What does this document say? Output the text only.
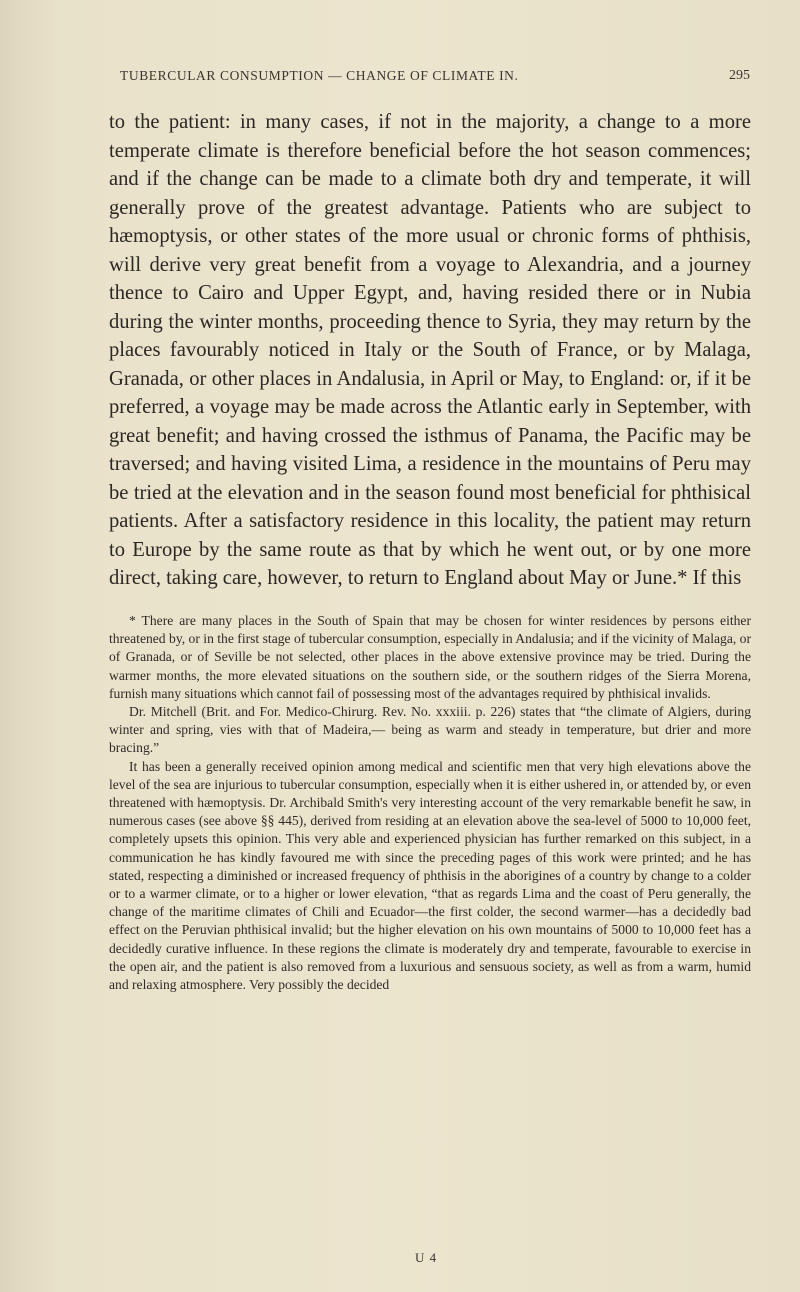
TUBERCULAR CONSUMPTION — CHANGE OF CLIMATE IN.	295

to the patient: in many cases, if not in the majority, a change to a more temperate climate is therefore beneficial before the hot season commences; and if the change can be made to a climate both dry and temperate, it will generally prove of the greatest advantage. Patients who are subject to hæmoptysis, or other states of the more usual or chronic forms of phthisis, will derive very great benefit from a voyage to Alexandria, and a journey thence to Cairo and Upper Egypt, and, having resided there or in Nubia during the winter months, proceeding thence to Syria, they may return by the places favourably noticed in Italy or the South of France, or by Malaga, Granada, or other places in Andalusia, in April or May, to England: or, if it be preferred, a voyage may be made across the Atlantic early in September, with great benefit; and having crossed the isthmus of Panama, the Pacific may be traversed; and having visited Lima, a residence in the mountains of Peru may be tried at the elevation and in the season found most beneficial for phthisical patients. After a satisfactory residence in this locality, the patient may return to Europe by the same route as that by which he went out, or by one more direct, taking care, however, to return to England about May or June.* If this

* There are many places in the South of Spain that may be chosen for winter residences by persons either threatened by, or in the first stage of tubercular consumption, especially in Andalusia; and if the vicinity of Malaga, or of Granada, or of Seville be not selected, other places in the above extensive province may be tried. During the warmer months, the more elevated situations on the southern side, or the southern ridges of the Sierra Morena, furnish many situations which cannot fail of possessing most of the advantages required by phthisical invalids.

Dr. Mitchell (Brit. and For. Medico-Chirurg. Rev. No. xxxiii. p. 226) states that “the climate of Algiers, during winter and spring, vies with that of Madeira,— being as warm and steady in temperature, but drier and more bracing.”

It has been a generally received opinion among medical and scientific men that very high elevations above the level of the sea are injurious to tubercular consumption, especially when it is either ushered in, or attended by, or even threatened with hæmoptysis. Dr. Archibald Smith's very interesting account of the very remarkable benefit he saw, in numerous cases (see above §§ 445), derived from residing at an elevation above the sea-level of 5000 to 10,000 feet, completely upsets this opinion. This very able and experienced physician has further remarked on this subject, in a communication he has kindly favoured me with since the preceding pages of this work were printed; and he has stated, respecting a diminished or increased frequency of phthisis in the aborigines of a country by change to a colder or to a warmer climate, or to a higher or lower elevation, “that as regards Lima and the coast of Peru generally, the change of the maritime climates of Chili and Ecuador—the first colder, the second warmer—has a decidedly bad effect on the Peruvian phthisical invalid; but the higher elevation on his own mountains of 5000 to 10,000 feet has a decidedly curative influence. In these regions the climate is moderately dry and temperate, favourable to exercise in the open air, and the patient is also removed from a luxurious and sensuous society, as well as from a warm, humid and relaxing atmosphere. Very possibly the decided

U 4
